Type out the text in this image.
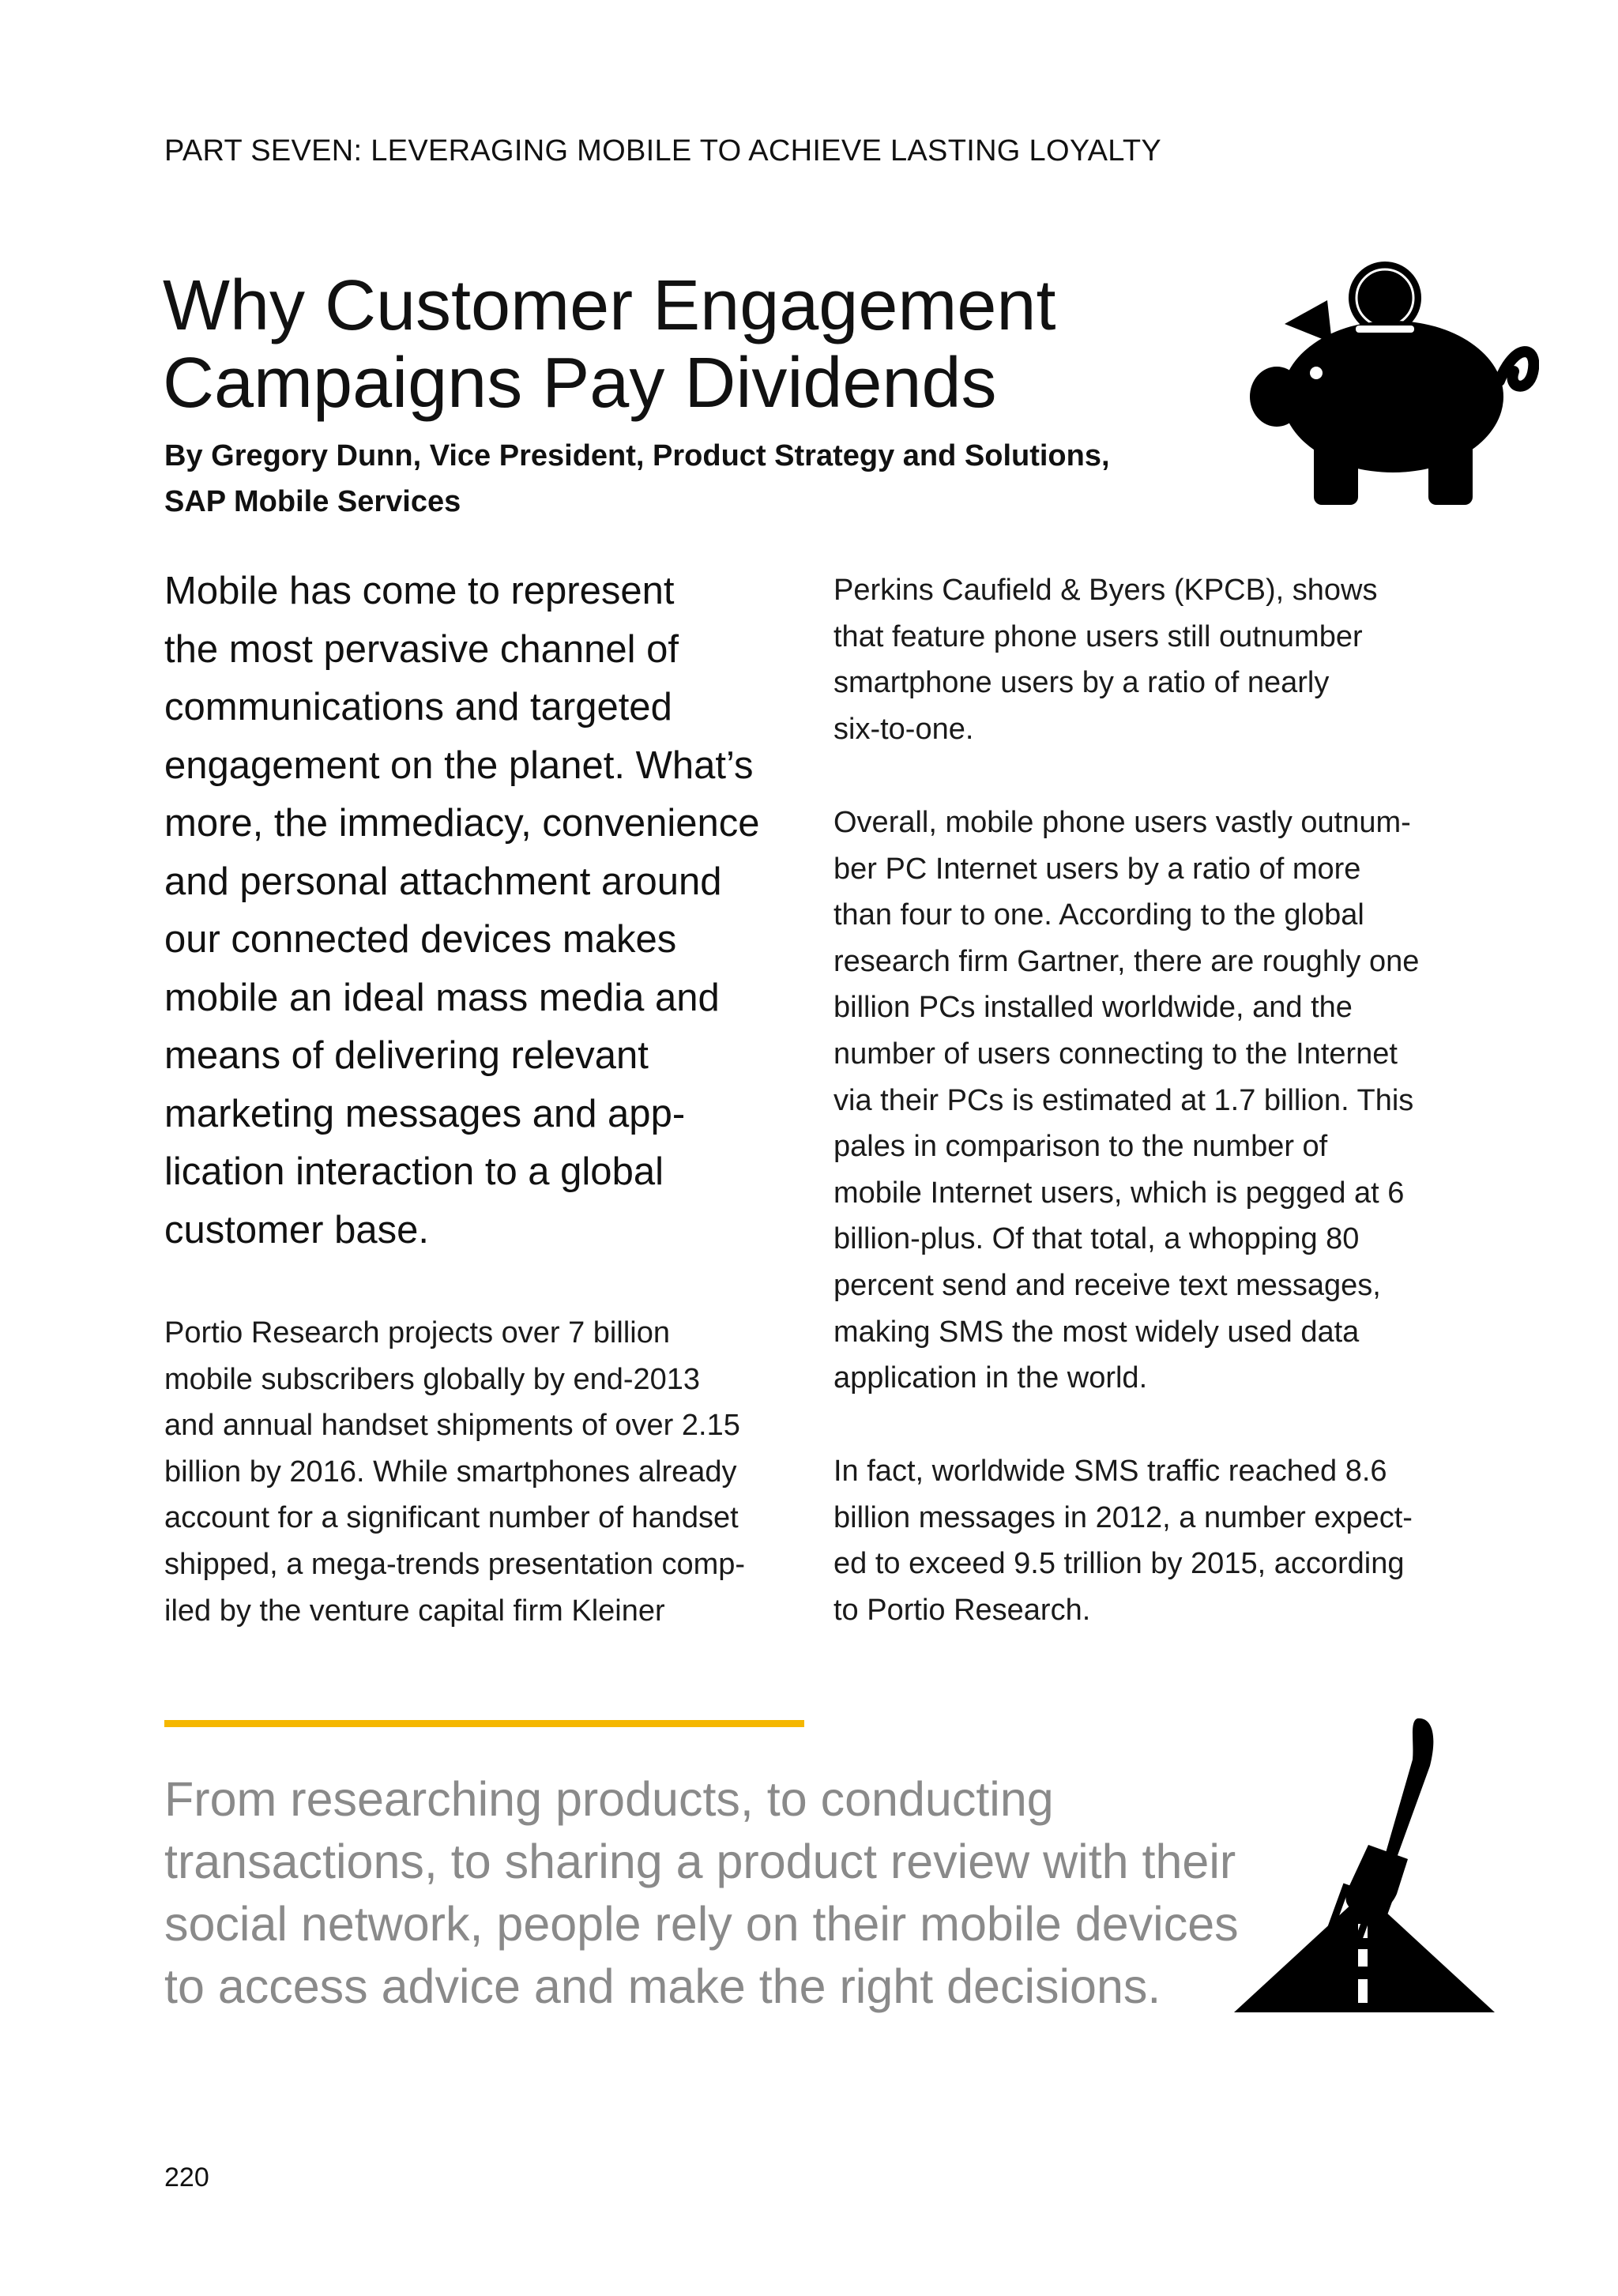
PART SEVEN: LEVERAGING MOBILE TO ACHIEVE LASTING LOYALTY
Why Customer Engagement
Campaigns Pay Dividends
By Gregory Dunn, Vice President, Product Strategy and Solutions,
SAP Mobile Services
Mobile has come to represent
the most pervasive channel of
communications and targeted
engagement on the planet. What’s
more, the immediacy, convenience
and personal attachment around
our connected devices makes
mobile an ideal mass media and
means of delivering relevant
marketing messages and app-
lication interaction to a global
customer base.
Portio Research projects over 7 billion
mobile subscribers globally by end-2013
and annual handset shipments of over 2.15
billion by 2016. While smartphones already
account for a significant number of handset
shipped, a mega-trends presentation comp-
iled by the venture capital firm Kleiner
Perkins Caufield & Byers (KPCB), shows
that feature phone users still outnumber
smartphone users by a ratio of nearly
six-to-one.
Overall, mobile phone users vastly outnum-
ber PC Internet users by a ratio of more
than four to one. According to the global
research firm Gartner, there are roughly one
billion PCs installed worldwide, and the
number of users connecting to the Internet
via their PCs is estimated at 1.7 billion. This
pales in comparison to the number of
mobile Internet users, which is pegged at 6
billion-plus. Of that total, a whopping 80
percent send and receive text messages,
making SMS the most widely used data
application in the world.
In fact, worldwide SMS traffic reached 8.6
billion messages in 2012, a number expect-
ed to exceed 9.5 trillion by 2015, according
to Portio Research.
From researching products, to conducting
transactions, to sharing a product review with their
social network, people rely on their mobile devices
to access advice and make the right decisions.
220
